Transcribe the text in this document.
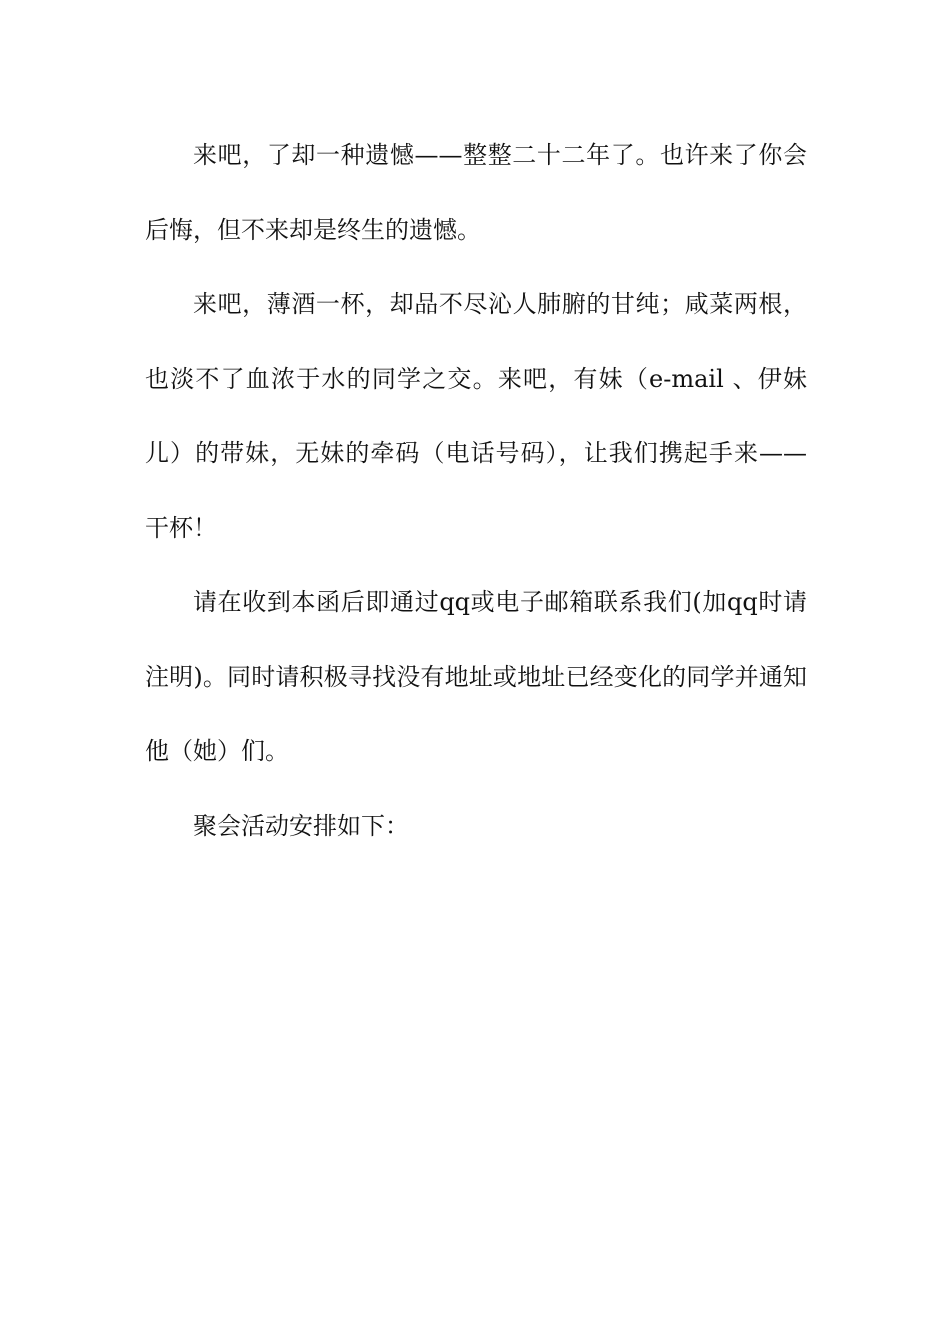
来吧，了却一种遗憾——整整二十二年了。也许来了你会
后悔，但不来却是终生的遗憾。
来吧，薄酒一杯，却品不尽沁人肺腑的甘纯；咸菜两根，
也淡不了血浓于水的同学之交。来吧，有妹（e-mail 、伊妹
儿）的带妹，无妹的牵码（电话号码），让我们携起手来——
干杯！
请在收到本函后即通过qq或电子邮箱联系我们(加qq时请
注明)。同时请积极寻找没有地址或地址已经变化的同学并通知
他（她）们。
聚会活动安排如下：
